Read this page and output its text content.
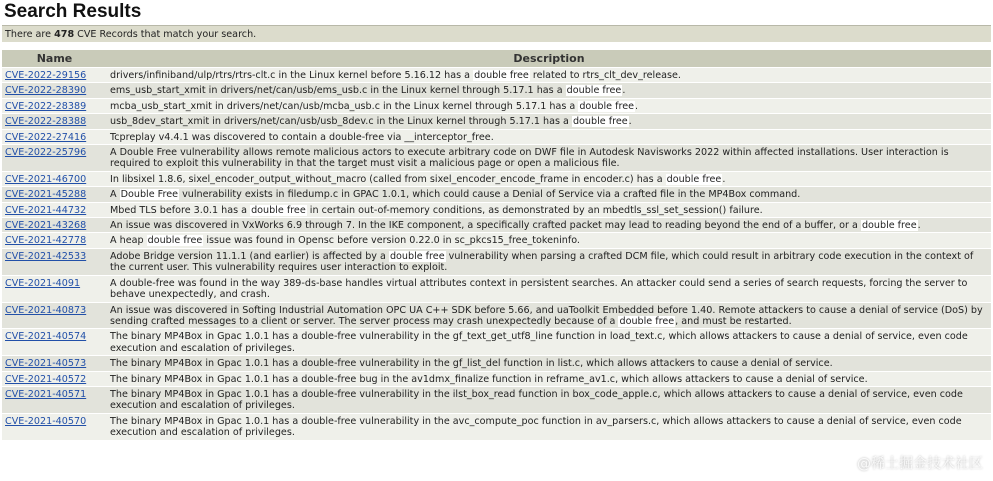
Search Results
There are 478 CVE Records that match your search.
Name	Description
CVE-2022-29156	drivers/infiniband/ulp/rtrs/rtrs-clt.c in the Linux kernel before 5.16.12 has a double free related to rtrs_clt_dev_release.
CVE-2022-28390	ems_usb_start_xmit in drivers/net/can/usb/ems_usb.c in the Linux kernel through 5.17.1 has a double free.
CVE-2022-28389	mcba_usb_start_xmit in drivers/net/can/usb/mcba_usb.c in the Linux kernel through 5.17.1 has a double free.
CVE-2022-28388	usb_8dev_start_xmit in drivers/net/can/usb/usb_8dev.c in the Linux kernel through 5.17.1 has a double free.
CVE-2022-27416	Tcpreplay v4.4.1 was discovered to contain a double-free via __interceptor_free.
CVE-2022-25796	A Double Free vulnerability allows remote malicious actors to execute arbitrary code on DWF file in Autodesk Navisworks 2022 within affected installations. User interaction is required to exploit this vulnerability in that the target must visit a malicious page or open a malicious file.
CVE-2021-46700	In libsixel 1.8.6, sixel_encoder_output_without_macro (called from sixel_encoder_encode_frame in encoder.c) has a double free.
CVE-2021-45288	A Double Free vulnerability exists in filedump.c in GPAC 1.0.1, which could cause a Denial of Service via a crafted file in the MP4Box command.
CVE-2021-44732	Mbed TLS before 3.0.1 has a double free in certain out-of-memory conditions, as demonstrated by an mbedtls_ssl_set_session() failure.
CVE-2021-43268	An issue was discovered in VxWorks 6.9 through 7. In the IKE component, a specifically crafted packet may lead to reading beyond the end of a buffer, or a double free.
CVE-2021-42778	A heap double free issue was found in Opensc before version 0.22.0 in sc_pkcs15_free_tokeninfo.
CVE-2021-42533	Adobe Bridge version 11.1.1 (and earlier) is affected by a double free vulnerability when parsing a crafted DCM file, which could result in arbitrary code execution in the context of the current user. This vulnerability requires user interaction to exploit.
CVE-2021-4091	A double-free was found in the way 389-ds-base handles virtual attributes context in persistent searches. An attacker could send a series of search requests, forcing the server to behave unexpectedly, and crash.
CVE-2021-40873	An issue was discovered in Softing Industrial Automation OPC UA C++ SDK before 5.66, and uaToolkit Embedded before 1.40. Remote attackers to cause a denial of service (DoS) by sending crafted messages to a client or server. The server process may crash unexpectedly because of a double free, and must be restarted.
CVE-2021-40574	The binary MP4Box in Gpac 1.0.1 has a double-free vulnerability in the gf_text_get_utf8_line function in load_text.c, which allows attackers to cause a denial of service, even code execution and escalation of privileges.
CVE-2021-40573	The binary MP4Box in Gpac 1.0.1 has a double-free vulnerability in the gf_list_del function in list.c, which allows attackers to cause a denial of service.
CVE-2021-40572	The binary MP4Box in Gpac 1.0.1 has a double-free bug in the av1dmx_finalize function in reframe_av1.c, which allows attackers to cause a denial of service.
CVE-2021-40571	The binary MP4Box in Gpac 1.0.1 has a double-free vulnerability in the ilst_box_read function in box_code_apple.c, which allows attackers to cause a denial of service, even code execution and escalation of privileges.
CVE-2021-40570	The binary MP4Box in Gpac 1.0.1 has a double-free vulnerability in the avc_compute_poc function in av_parsers.c, which allows attackers to cause a denial of service, even code execution and escalation of privileges.
@稀土掘金技术社区
